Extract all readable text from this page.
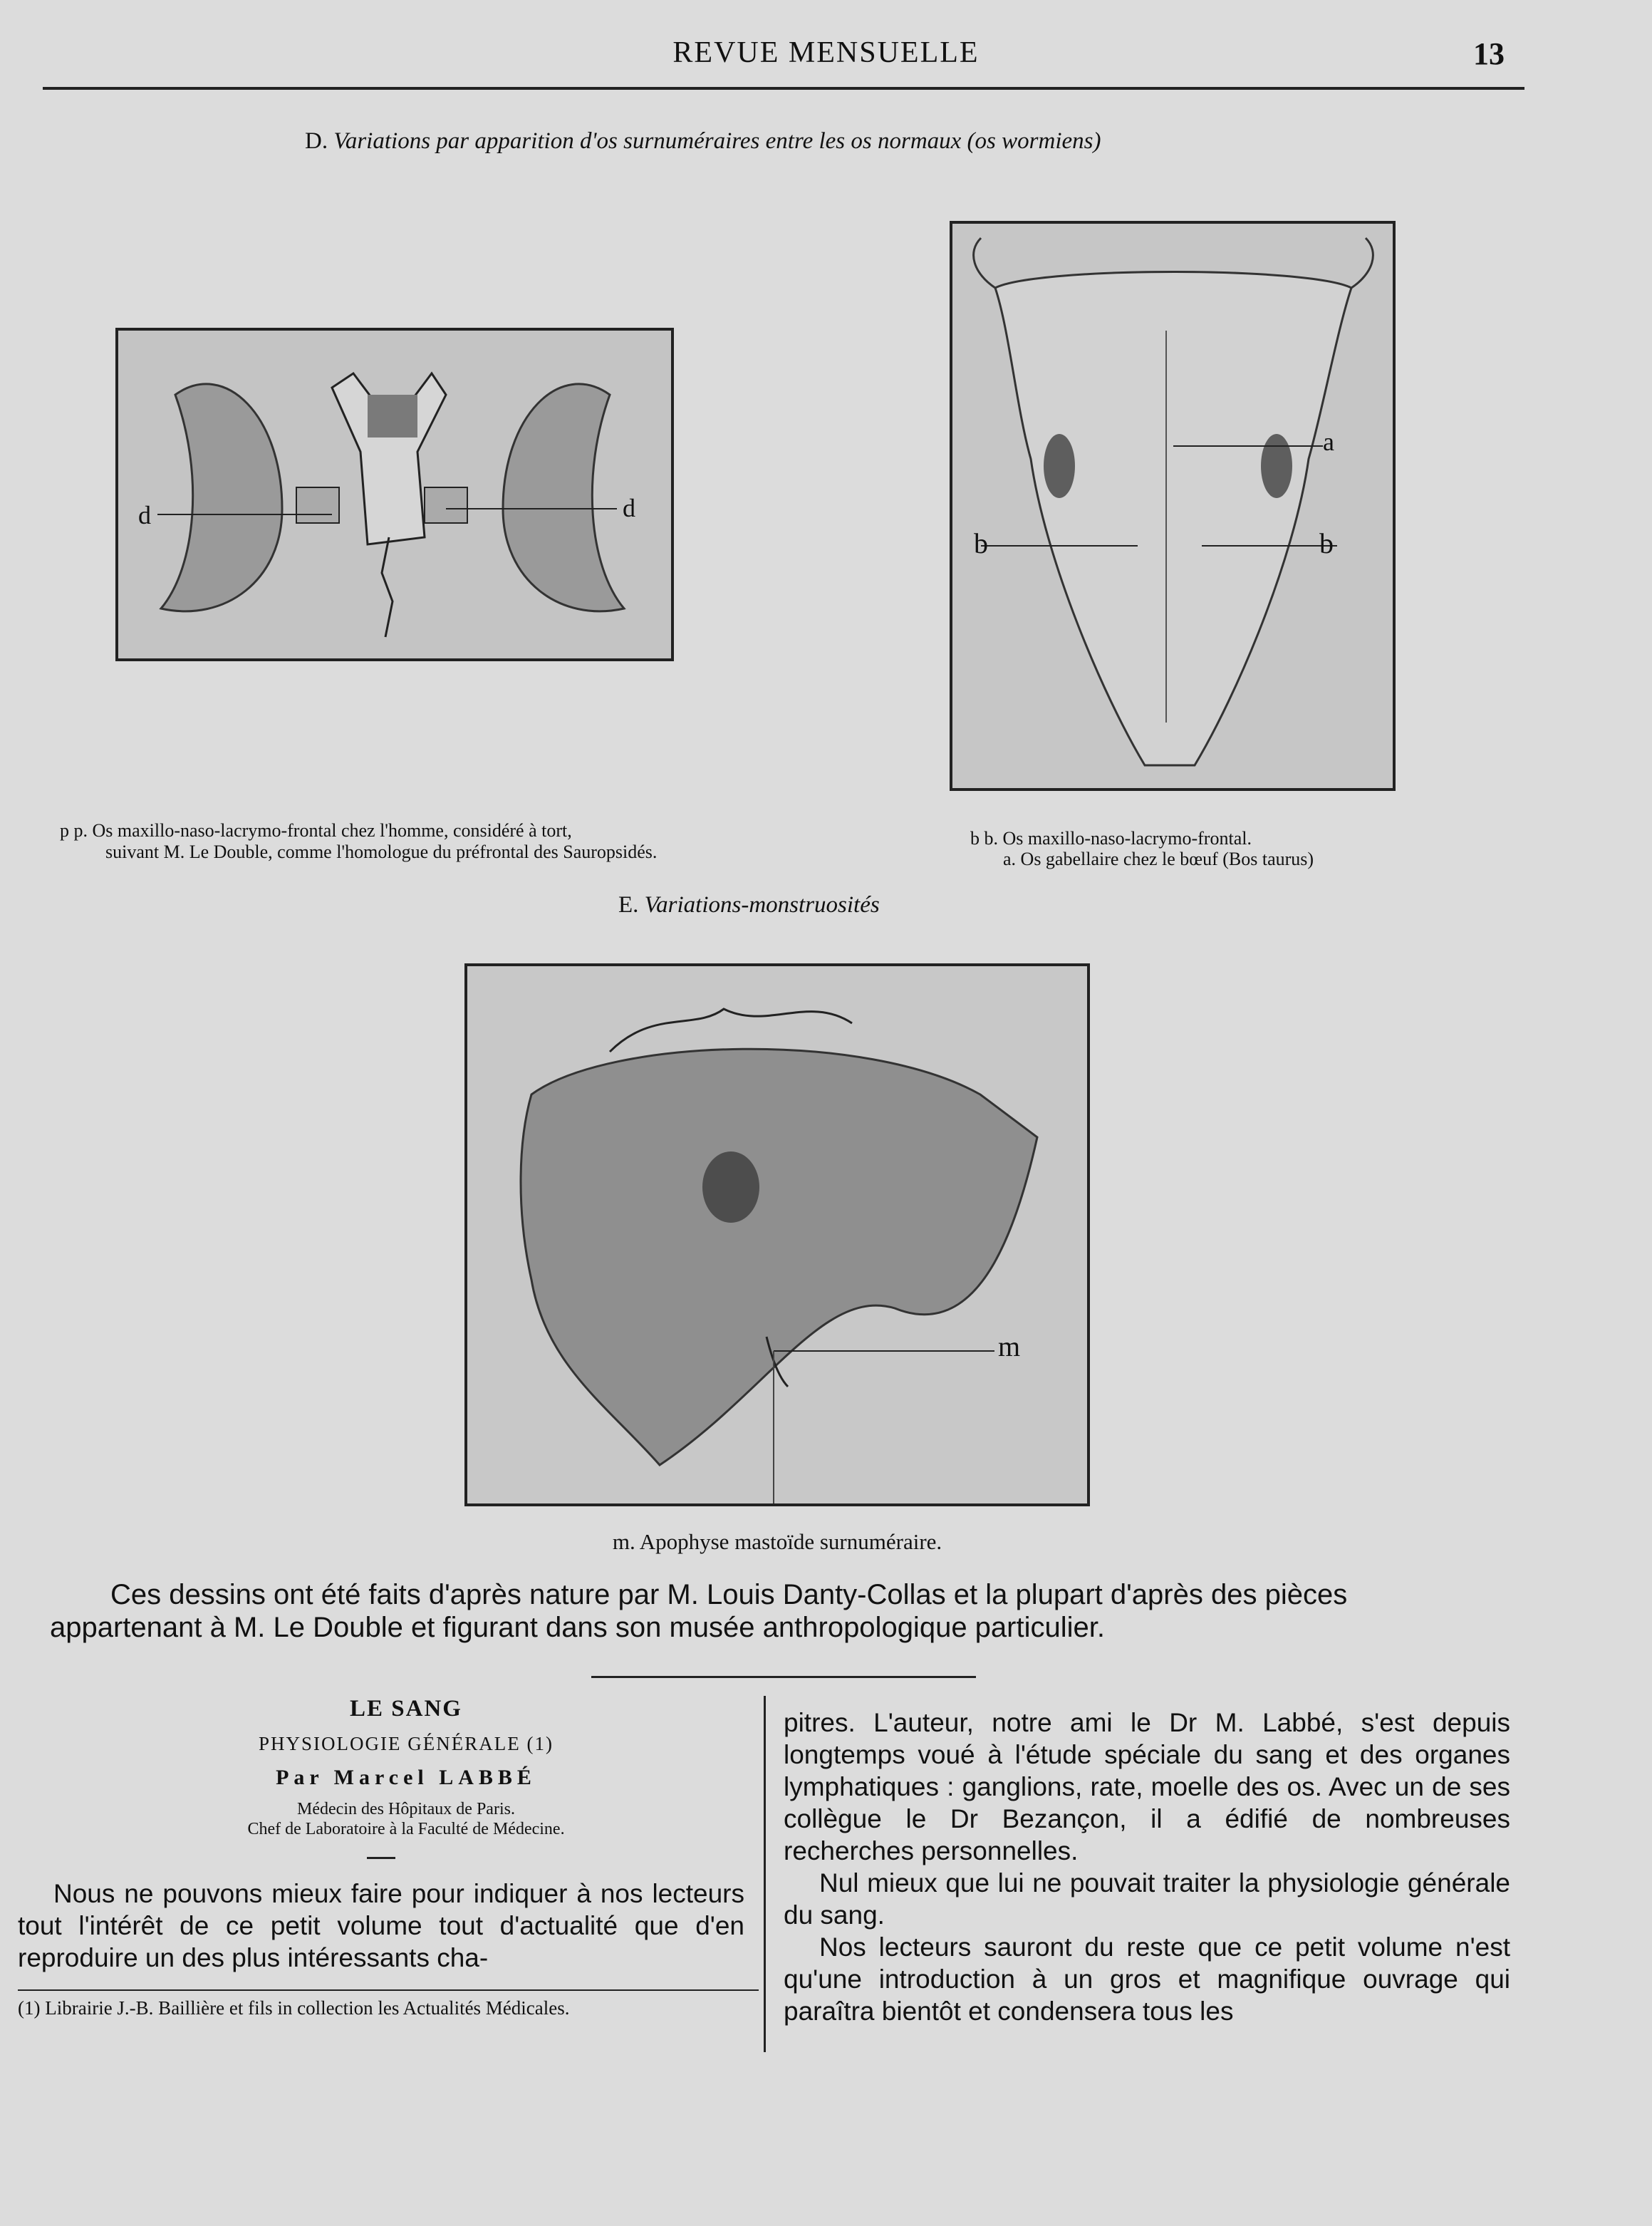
REVUE MENSUELLE	13
D. Variations par apparition d'os surnuméraires entre les os normaux (os wormiens)
d	d
a
b	b
p p. Os maxillo-naso-lacrymo-frontal chez l'homme, considéré à tort,
suivant M. Le Double, comme l'homologue du préfrontal des Sauropsidés.
b b. Os maxillo-naso-lacrymo-frontal.
a. Os gabellaire chez le bœuf (Bos taurus)
E. Variations-monstruosités
m
m. Apophyse mastoïde surnuméraire.

Ces dessins ont été faits d'après nature par M. Louis Danty-Collas et la plupart d'après des pièces

appartenant à M. Le Double et figurant dans son musée anthropologique particulier.

LE SANG
PHYSIOLOGIE GÉNÉRALE (1)
Par Marcel LABBÉ
Médecin des Hôpitaux de Paris.
Chef de Laboratoire à la Faculté de Médecine.

Nous ne pouvons mieux faire pour indiquer à nos lecteurs tout l'intérêt de ce petit volume tout d'actualité que d'en reproduire un des plus intéressants cha-

(1) Librairie J.-B. Baillière et fils in collection les Actualités Médicales.

pitres. L'auteur, notre ami le Dr M. Labbé, s'est depuis longtemps voué à l'étude spéciale du sang et des organes lymphatiques : ganglions, rate, moelle des os. Avec un de ses collègue le Dr Bezançon, il a édifié de nombreuses recherches personnelles.

Nul mieux que lui ne pouvait traiter la physiologie générale du sang.

Nos lecteurs sauront du reste que ce petit volume n'est qu'une introduction à un gros et magnifique ouvrage qui paraîtra bientôt et condensera tous les
